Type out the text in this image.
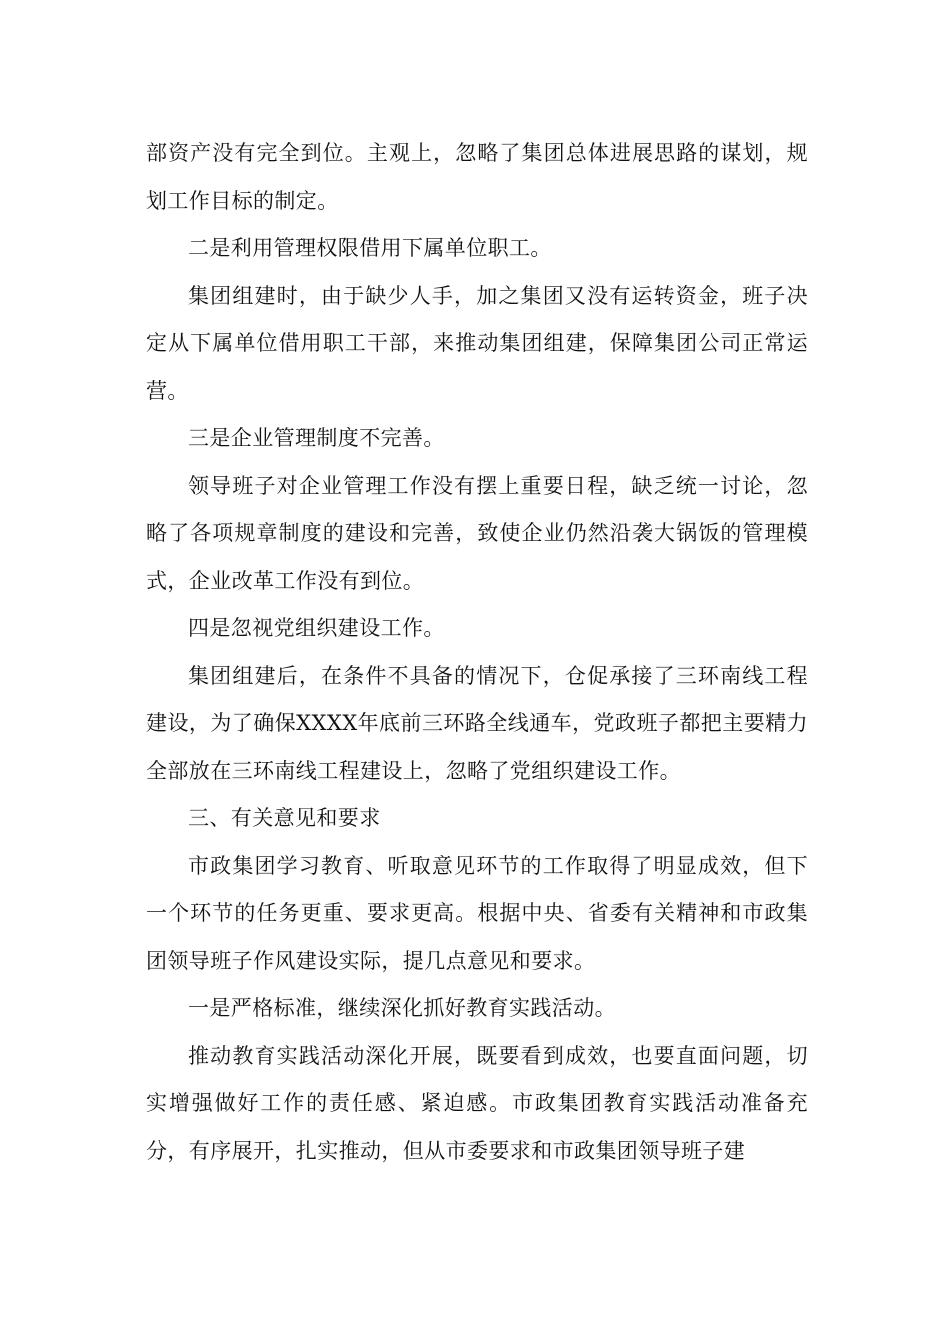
部资产没有完全到位。主观上，忽略了集团总体进展思路的谋划，规划工作目标的制定。

二是利用管理权限借用下属单位职工。

集团组建时，由于缺少人手，加之集团又没有运转资金，班子决定从下属单位借用职工干部，来推动集团组建，保障集团公司正常运营。

三是企业管理制度不完善。

领导班子对企业管理工作没有摆上重要日程，缺乏统一讨论，忽略了各项规章制度的建设和完善，致使企业仍然沿袭大锅饭的管理模式，企业改革工作没有到位。

四是忽视党组织建设工作。

集团组建后，在条件不具备的情况下，仓促承接了三环南线工程建设，为了确保XXXX年底前三环路全线通车，党政班子都把主要精力全部放在三环南线工程建设上，忽略了党组织建设工作。

三、有关意见和要求

市政集团学习教育、听取意见环节的工作取得了明显成效，但下一个环节的任务更重、要求更高。根据中央、省委有关精神和市政集团领导班子作风建设实际，提几点意见和要求。

一是严格标准，继续深化抓好教育实践活动。

推动教育实践活动深化开展，既要看到成效，也要直面问题，切实增强做好工作的责任感、紧迫感。市政集团教育实践活动准备充分，有序展开，扎实推动，但从市委要求和市政集团领导班子建
